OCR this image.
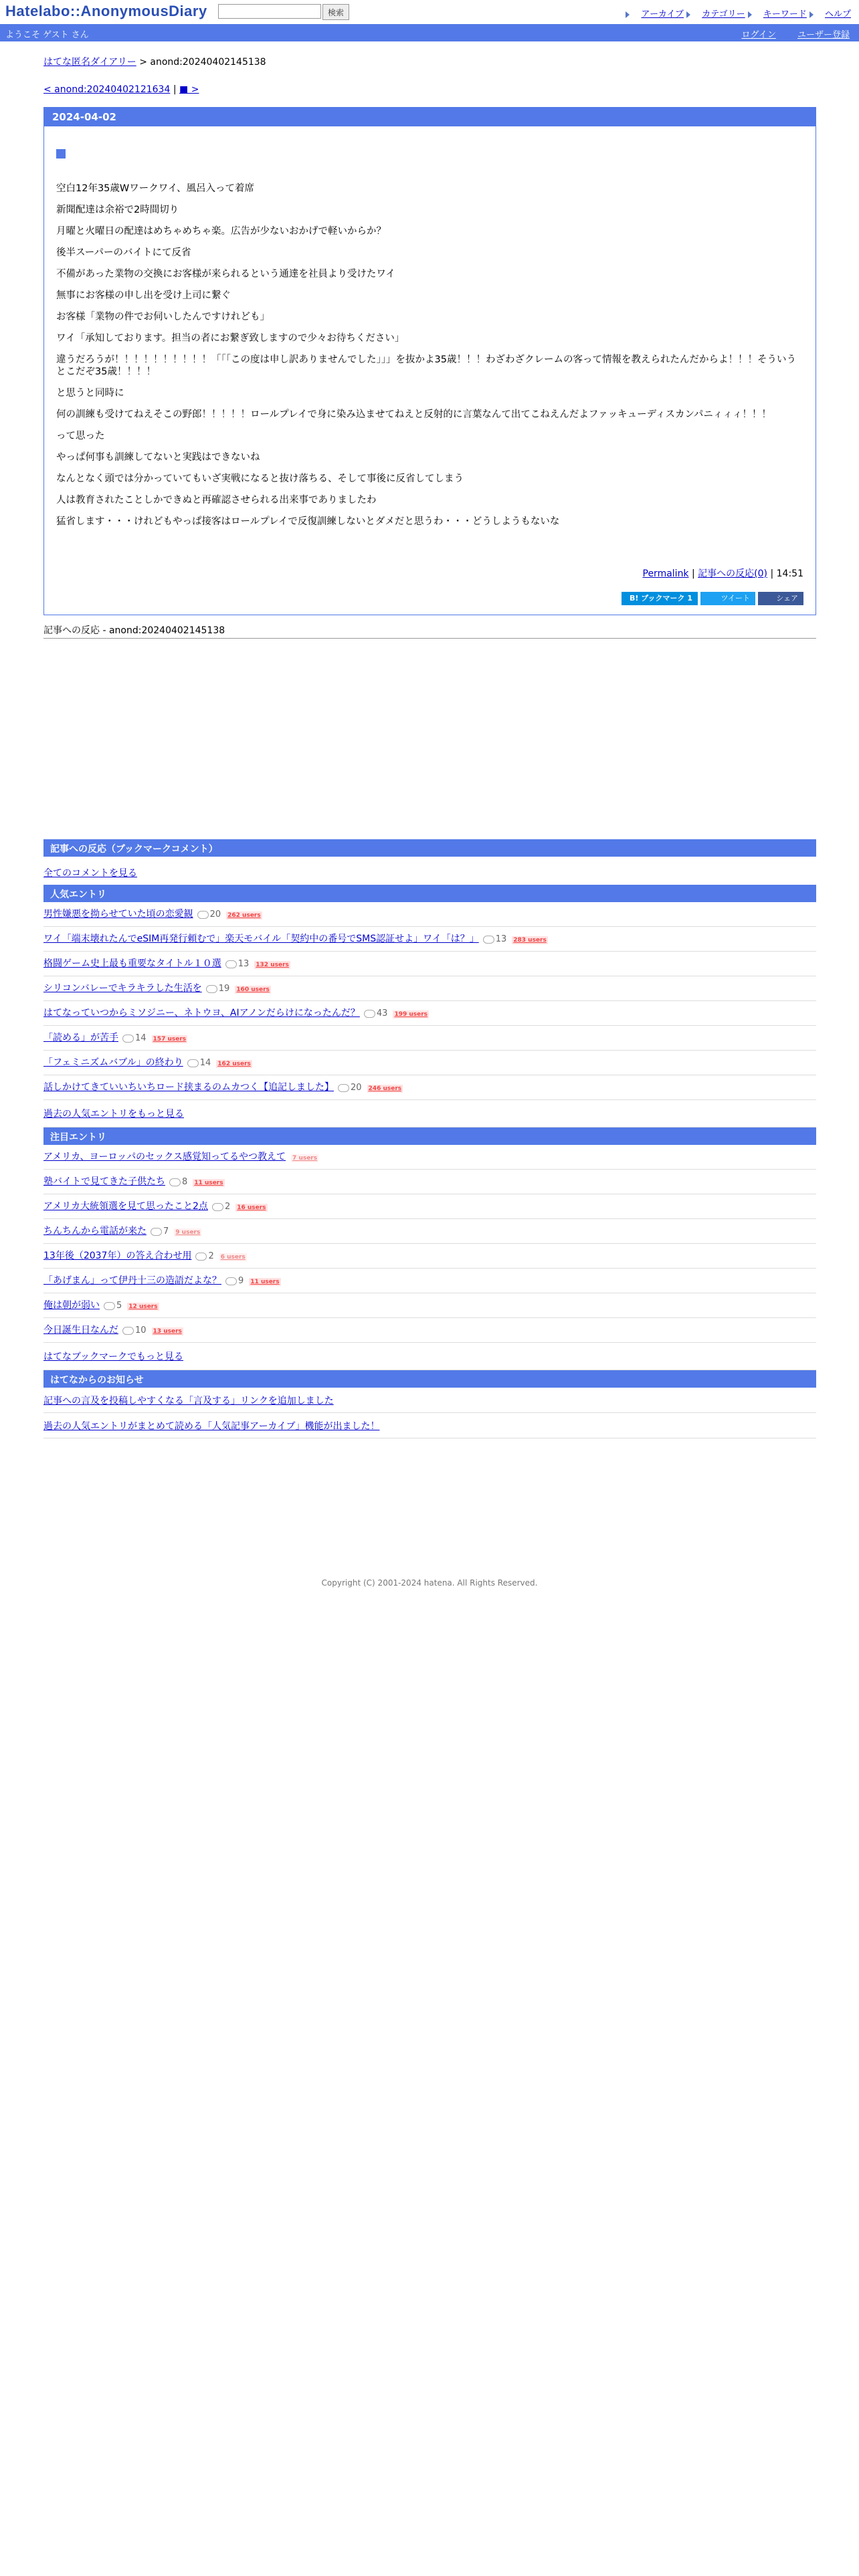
Hatelabo::AnonymousDiary	検索	アーカイブ カテゴリー キーワード ヘルプ
ようこそ ゲスト さん	ログイン ユーザー登録
はてな匿名ダイアリー > anond:20240402145138
< anond:20240402121634 | ■ >
2024-04-02

空白12年35歳Wワークワイ、風呂入って着席

新聞配達は余裕で2時間切り

月曜と火曜日の配達はめちゃめちゃ楽。広告が少ないおかげで軽いからか？

後半スーパーのバイトにて反省

不備があった業物の交換にお客様が来られるという通達を社員より受けたワイ

無事にお客様の申し出を受け上司に繋ぐ

お客様「業物の件でお伺いしたんですけれども」

ワイ「承知しております。担当の者にお繋ぎ致しますので少々お待ちください」

違うだろうが！！！！！！！！！！「「「この度は申し訳ありませんでした」」」を抜かよ35歳！！！わざわざクレームの客って情報を教えられたんだからよ！！！そういうとこだぞ35歳！！！！

と思うと同時に

何の訓練も受けてねえそこの野郎！！！！！ロールプレイで身に染み込ませてねえと反射的に言葉なんて出てこねえんだよファッキューディスカンパニィィィ！！！

って思った

やっぱ何事も訓練してないと実践はできないね

なんとなく頭では分かっていてもいざ実戦になると抜け落ちる、そして事後に反省してしまう

人は教育されたことしかできぬと再確認させられる出来事でありましたわ

猛省します・・・けれどもやっぱ接客はロールプレイで反復訓練しないとダメだと思うわ・・・どうしようもないな

Permalink | 記事への反応(0) | 14:51
B! ブックマーク 1	ツイート	シェア
記事への反応 - anond:20240402145138
記事への反応（ブックマークコメント）
全てのコメントを見る
人気エントリ
男性嫌悪を拗らせていた頃の恋愛観 20 262 users
ワイ「端末壊れたんでeSIM再発行頼むで」楽天モバイル「契約中の番号でSMS認証せよ」ワイ「は？」 13 283 users
格闘ゲーム史上最も重要なタイトル１０選 13 132 users
シリコンバレーでキラキラした生活を 19 160 users
はてなっていつからミソジニー、ネトウヨ、AIアノンだらけになったんだ？ 43 199 users
「読める」が苦手 14 157 users
「フェミニズムバブル」の終わり 14 162 users
話しかけてきていいちいちロード挟まるのムカつく【追記しました】 20 246 users
過去の人気エントリをもっと見る
注目エントリ
アメリカ、ヨーロッパのセックス感覚知ってるやつ教えて 7 users
塾バイトで見てきた子供たち 8 11 users
アメリカ大統領選を見て思ったこと2点 2 16 users
ちんちんから電話が来た 7 9 users
13年後（2037年）の答え合わせ用 2 6 users
「あげまん」って伊丹十三の造語だよな？ 9 11 users
俺は朝が弱い 5 12 users
今日誕生日なんだ 10 13 users
はてなブックマークでもっと見る
はてなからのお知らせ
記事への言及を投稿しやすくなる「言及する」リンクを追加しました
過去の人気エントリがまとめて読める「人気記事アーカイブ」機能が出ました！
Copyright (C) 2001-2024 hatena. All Rights Reserved.
